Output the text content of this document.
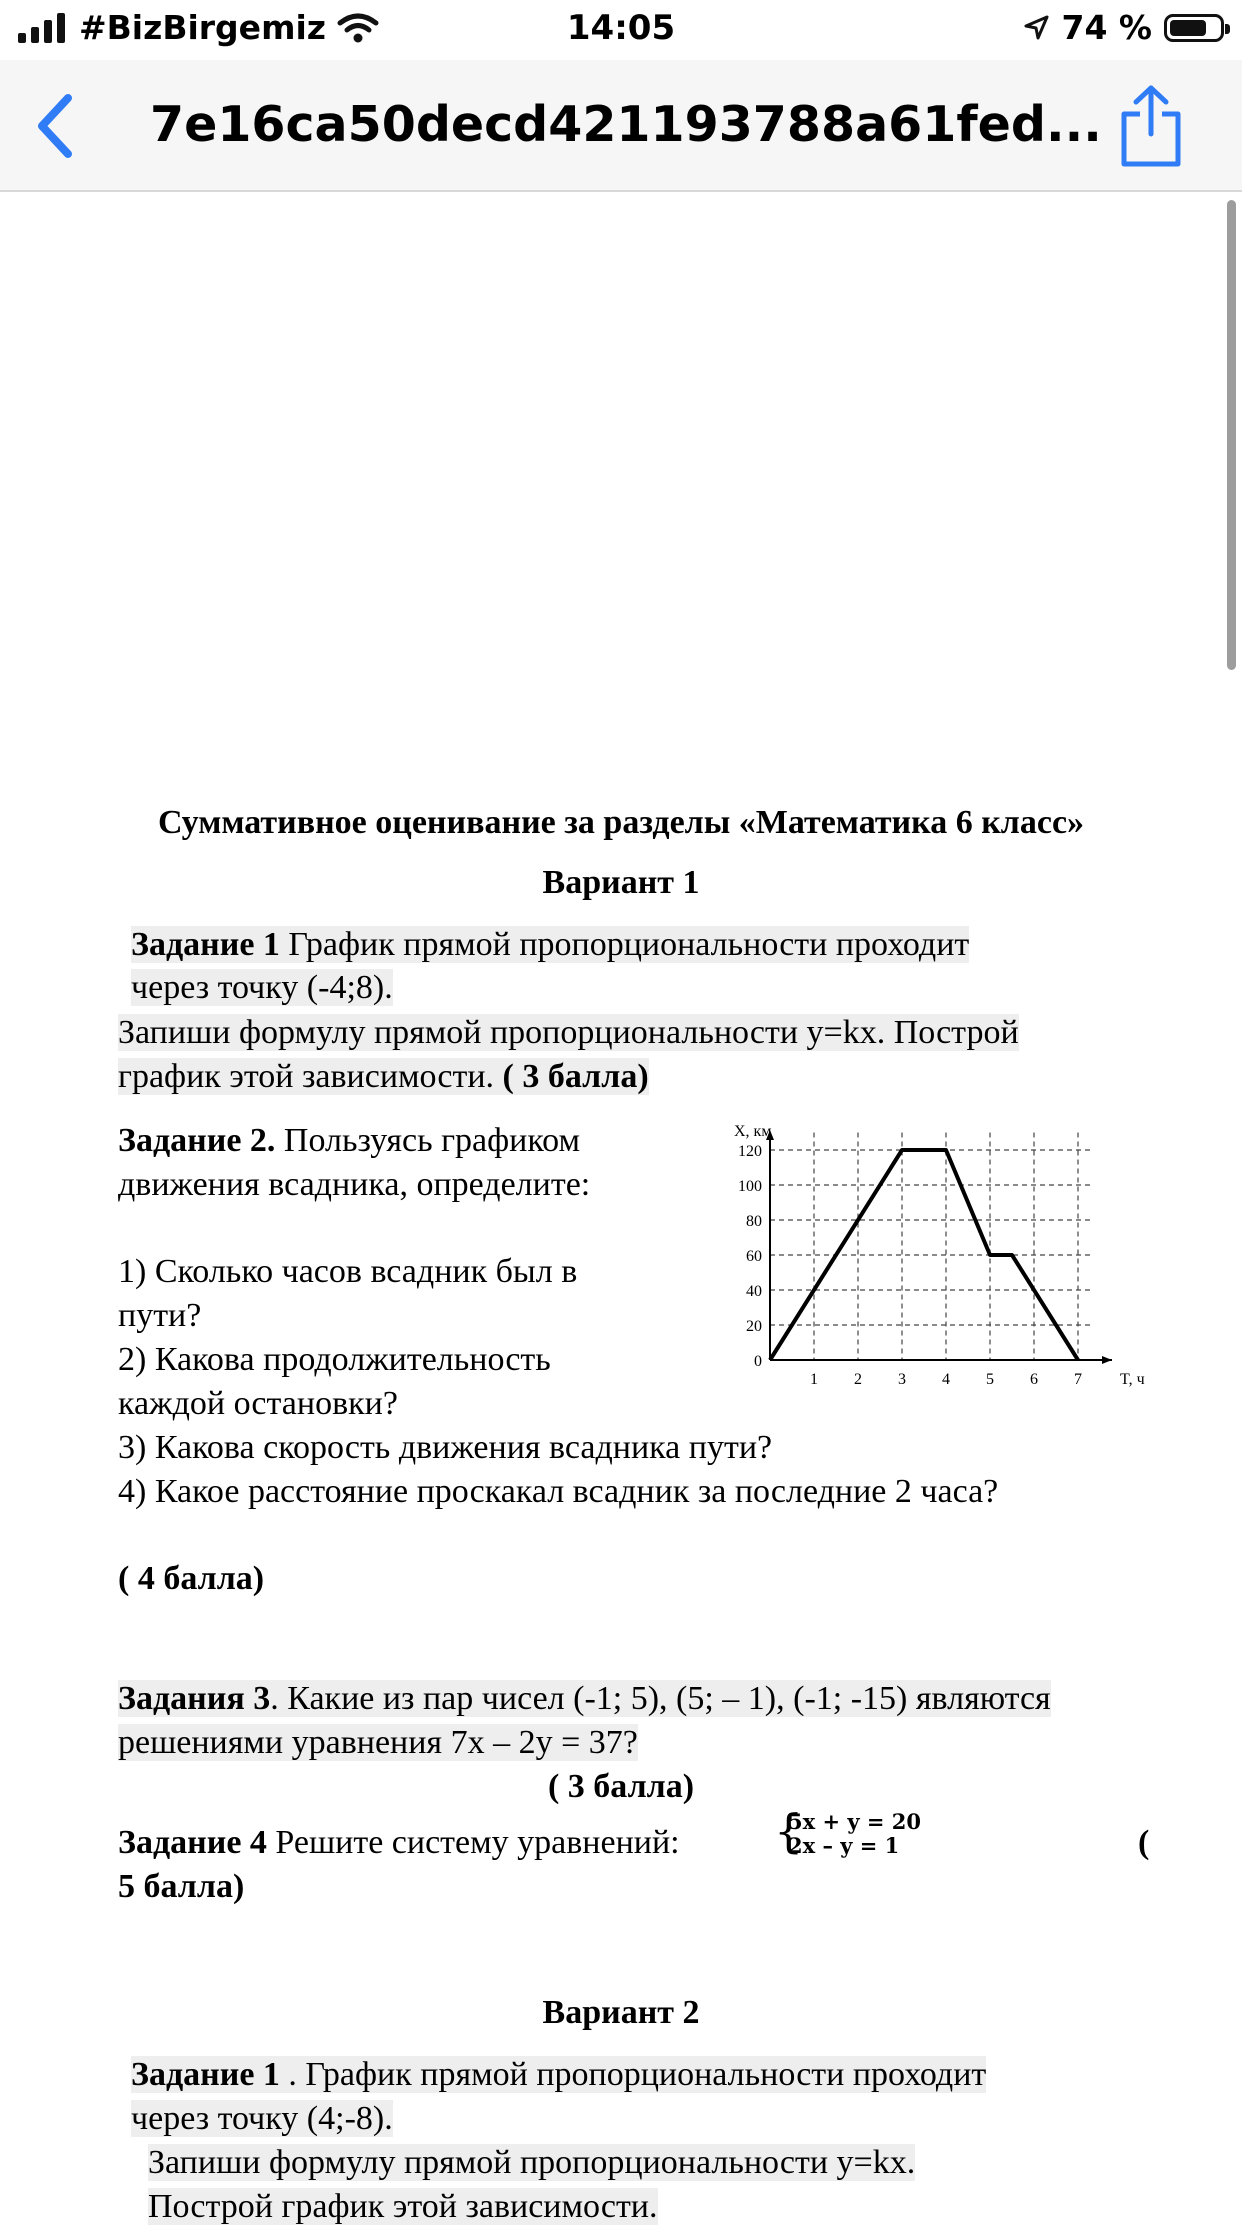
#BizBirgemiz	14:05	74 %
7e16ca50decd421193788a61fed...
Суммативное оценивание за разделы «Математика 6 класс»
Вариант 1
Задание 1 График прямой пропорциональности проходит
через точку (-4;8).
Запиши формулу прямой пропорциональности y=kx. Построй
график этой зависимости. ( 3 балла)
Задание 2. Пользуясь графиком
движения всадника, определите:
1) Сколько часов всадник был в
пути?
2) Какова продолжительность
каждой остановки?
3) Какова скорость движения всадника пути?
4) Какое расстояние проскакал всадник за последние 2 часа?
( 4 балла)
1 2 3 4 5 6 7
0
20
40
60
80
100
120
T, ч
X, км
Задания 3. Какие из пар чисел (-1; 5), (5; – 1), (-1; -15) являются
решениями уравнения 7x – 2y = 37?
( 3 балла)
Задание 4 Решите систему уравнений: {
5x + y = 20
2x – y = 1	(
5 балла)
Вариант 2
Задание 1 . График прямой пропорциональности проходит
через точку (4;-8).
Запиши формулу прямой пропорциональности y=kx.
Построй график этой зависимости.
